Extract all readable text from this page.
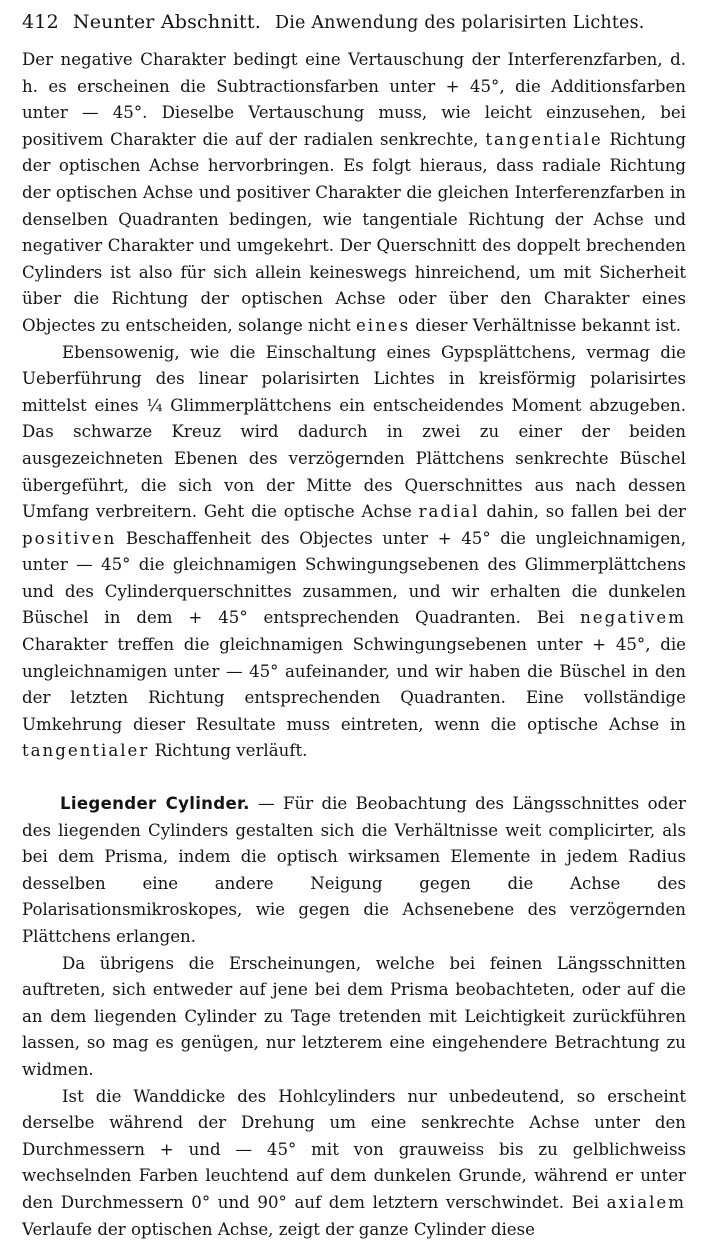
412 Neunter Abschnitt. Die Anwendung des polarisirten Lichtes.

Der negative Charakter bedingt eine Vertauschung der Interferenzfarben, d. h. es erscheinen die Subtractionsfarben unter + 45°, die Additionsfarben unter — 45°. Dieselbe Vertauschung muss, wie leicht einzusehen, bei positivem Charakter die auf der radialen senkrechte, tangentiale Richtung der optischen Achse hervorbringen. Es folgt hieraus, dass radiale Richtung der optischen Achse und positiver Charakter die gleichen Interferenzfarben in denselben Quadranten bedingen, wie tangentiale Richtung der Achse und negativer Charakter und umgekehrt. Der Querschnitt des doppelt brechenden Cylinders ist also für sich allein keineswegs hinreichend, um mit Sicherheit über die Richtung der optischen Achse oder über den Charakter eines Objectes zu entscheiden, solange nicht eines dieser Verhältnisse bekannt ist.

Ebensowenig, wie die Einschaltung eines Gypsplättchens, vermag die Ueberführung des linear polarisirten Lichtes in kreisförmig polarisirtes mittelst eines ¼ Glimmerplättchens ein entscheidendes Moment abzugeben. Das schwarze Kreuz wird dadurch in zwei zu einer der beiden ausgezeichneten Ebenen des verzögernden Plättchens senkrechte Büschel übergeführt, die sich von der Mitte des Querschnittes aus nach dessen Umfang verbreitern. Geht die optische Achse radial dahin, so fallen bei der positiven Beschaffenheit des Objectes unter + 45° die ungleichnamigen, unter — 45° die gleichnamigen Schwingungsebenen des Glimmerplättchens und des Cylinderquerschnittes zusammen, und wir erhalten die dunkelen Büschel in dem + 45° entsprechenden Quadranten. Bei negativem Charakter treffen die gleichnamigen Schwingungsebenen unter + 45°, die ungleichnamigen unter — 45° aufeinander, und wir haben die Büschel in den der letzten Richtung entsprechenden Quadranten. Eine vollständige Umkehrung dieser Resultate muss eintreten, wenn die optische Achse in tangentialer Richtung verläuft.

Liegender Cylinder. — Für die Beobachtung des Längsschnittes oder des liegenden Cylinders gestalten sich die Verhältnisse weit complicirter, als bei dem Prisma, indem die optisch wirksamen Elemente in jedem Radius desselben eine andere Neigung gegen die Achse des Polarisationsmikroskopes, wie gegen die Achsenebene des verzögernden Plättchens erlangen.

Da übrigens die Erscheinungen, welche bei feinen Längsschnitten auftreten, sich entweder auf jene bei dem Prisma beobachteten, oder auf die an dem liegenden Cylinder zu Tage tretenden mit Leichtigkeit zurückführen lassen, so mag es genügen, nur letzterem eine eingehendere Betrachtung zu widmen.

Ist die Wanddicke des Hohlcylinders nur unbedeutend, so erscheint derselbe während der Drehung um eine senkrechte Achse unter den Durchmessern + und — 45° mit von grauweiss bis zu gelblichweiss wechselnden Farben leuchtend auf dem dunkelen Grunde, während er unter den Durchmessern 0° und 90° auf dem letztern verschwindet. Bei axialem Verlaufe der optischen Achse, zeigt der ganze Cylinder diese
